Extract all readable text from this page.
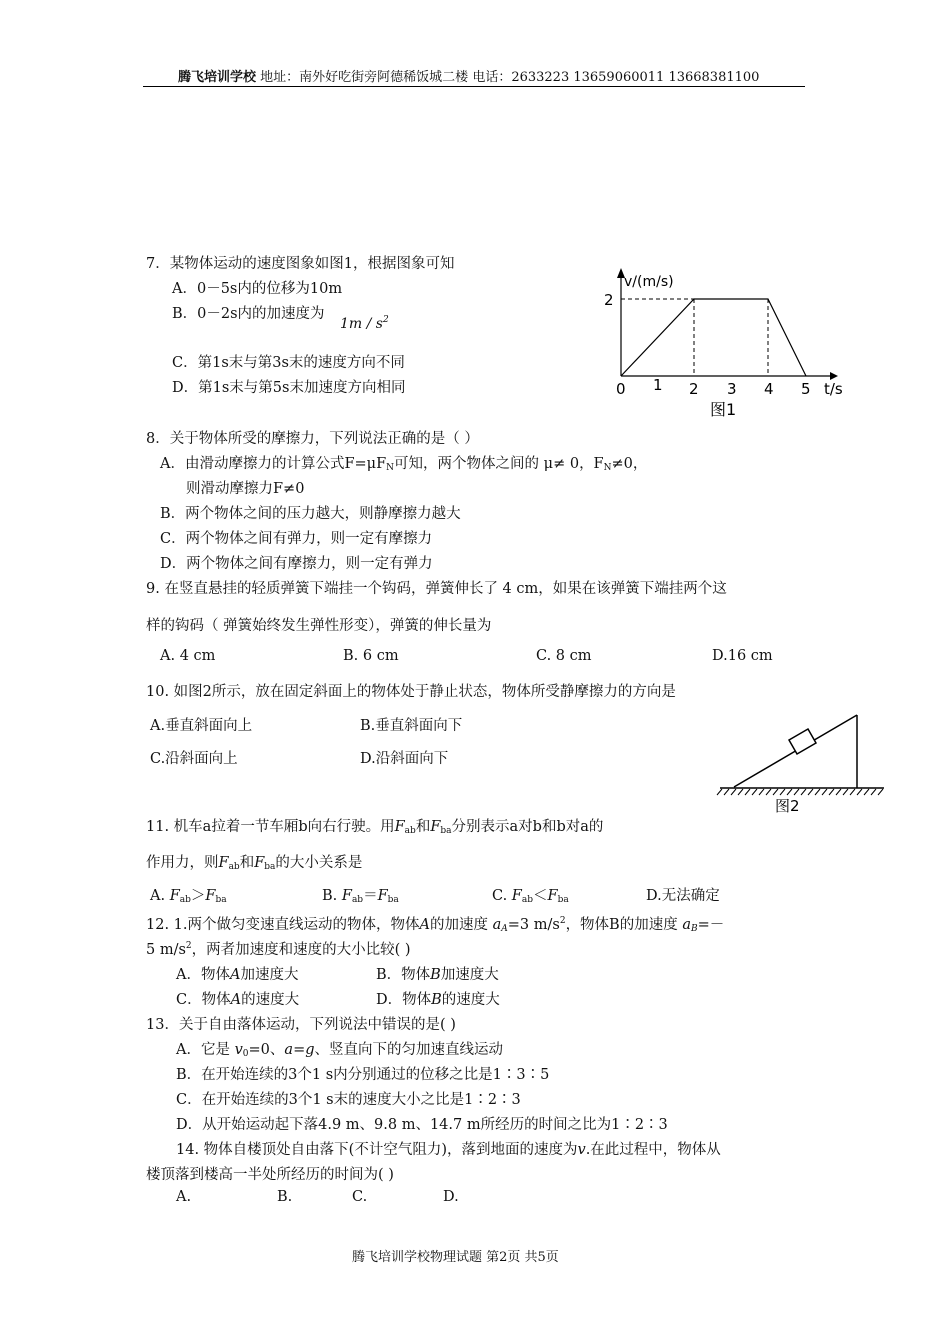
腾飞培训学校 地址：南外好吃街旁阿德稀饭城二楼 电话：2633223 13659060011 13668381100
7．某物体运动的速度图象如图1，根据图象可知
A．0－5s内的位移为10m
B．0－2s内的加速度为
$1m / s^2$
C．第1s末与第3s末的速度方向不同
D．第1s末与第5s末加速度方向相同
v/(m/s)
2
0 1 2 3 4 5 t/s
图1
8．关于物体所受的摩擦力，下列说法正确的是（ ）
A．由滑动摩擦力的计算公式$F=\mu F_N$可知，两个物体之间的 μ≠ 0，$F_N\ne 0$，
则滑动摩擦力F≠0
B．两个物体之间的压力越大，则静摩擦力越大
C．两个物体之间有弹力，则一定有摩擦力
D．两个物体之间有摩擦力，则一定有弹力
9. 在竖直悬挂的轻质弹簧下端挂一个钩码，弹簧伸长了 4 cm，如果在该弹簧下端挂两个这
样的钩码（ 弹簧始终发生弹性形变），弹簧的伸长量为
A. 4 cm	B. 6 cm	C. 8 cm	D.16 cm
10. 如图2所示，放在固定斜面上的物体处于静止状态，物体所受静摩擦力的方向是
A.垂直斜面向上	B.垂直斜面向下
C.沿斜面向上	D.沿斜面向下
图2
11. 机车a拉着一节车厢b向右行驶。用$F_{ab}$和$F_{ba}$分别表示a对b和b对a的
作用力，则$F_{ab}$和$F_{ba}$的大小关系是
A. $F_{ab}>F_{ba}$	B. $F_{ab}=F_{ba}$	C. $F_{ab}<F_{ba}$	D.无法确定
12. 1.两个做匀变速直线运动的物体，物体A的加速度 $a_A=3$ $m/s^2$，物体B的加速度 $a_B=-$
5 $m/s^2$，两者加速度和速度的大小比较( )
A．物体A加速度大	B．物体B加速度大
C．物体A的速度大	D．物体B的速度大
13．关于自由落体运动，下列说法中错误的是( )
A．它是 $v_0=0$、a=g、竖直向下的匀加速直线运动
B．在开始连续的3个1 s内分别通过的位移之比是1∶3∶5
C．在开始连续的3个1 s末的速度大小之比是1∶2∶3
D．从开始运动起下落4.9 m、9.8 m、14.7 m所经历的时间之比为1∶2∶3
14. 物体自楼顶处自由落下(不计空气阻力)，落到地面的速度为v.在此过程中，物体从
楼顶落到楼高一半处所经历的时间为( )
A.	B.	C.	D.
腾飞培训学校物理试题 第2页 共5页
